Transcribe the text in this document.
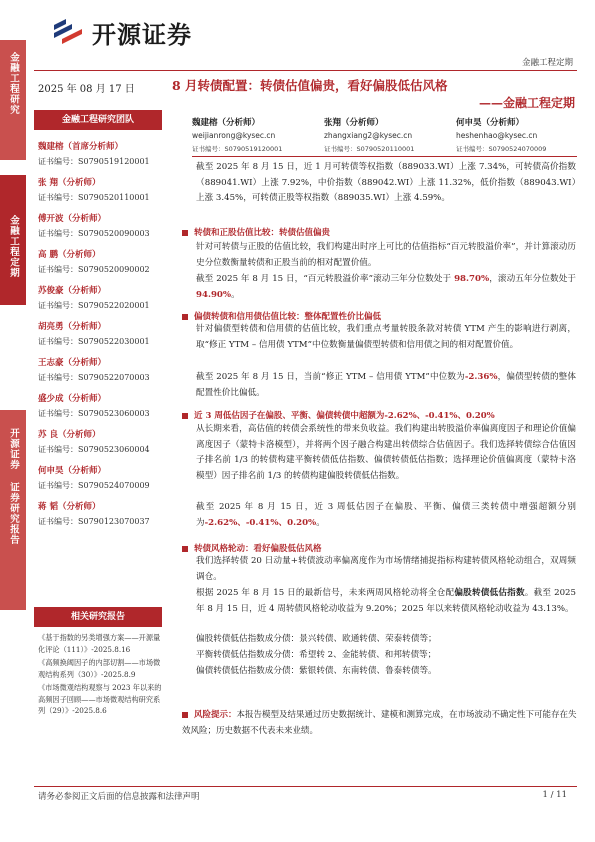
金融工程研究
金融工程定期
开源证券 证券研究报告
开源证券
金融工程定期
2025 年 08 月 17 日	8 月转债配置：转债估值偏贵，看好偏股低估风格
——金融工程定期
金融工程研究团队
魏建榕（首席分析师）
证书编号：S0790519120001
张 翔（分析师）
证书编号：S0790520110001
傅开波（分析师）
证书编号：S0790520090003
高 鹏（分析师）
证书编号：S0790520090002
苏俊豪（分析师）
证书编号：S0790522020001
胡亮勇（分析师）
证书编号：S0790522030001
王志豪（分析师）
证书编号：S0790522070003
盛少成（分析师）
证书编号：S0790523060003
苏 良（分析师）
证书编号：S0790523060004
何申昊（分析师）
证书编号：S0790524070009
蒋 韬（分析师）
证书编号：S0790123070037
魏建榕（分析师）
weijianrong@kysec.cn
证书编号：S0790519120001
张翔（分析师）
zhangxiang2@kysec.cn
证书编号：S0790520110001
何申昊（分析师）
heshenhao@kysec.cn
证书编号：S0790524070009
截至 2025 年 8 月 15 日，近 1 月可转债等权指数（889033.WI）上涨 7.34%，可转债高价指数（889041.WI）上涨 7.92%，中价指数（889042.WI）上涨 11.32%，低价指数（889043.WI）上涨 3.45%，可转债正股等权指数（889035.WI）上涨 4.59%。
转债和正股估值比较：转债估值偏贵
针对可转债与正股的估值比较，我们构建出时序上可比的估值指标“百元转股溢价率”，并计算滚动历史分位数衡量转债和正股当前的相对配置价值。
截至 2025 年 8 月 15 日，“百元转股溢价率”滚动三年分位数处于 98.70%，滚动五年分位数处于 94.90%。
偏债转债和信用债估值比较：整体配置性价比偏低
针对偏债型转债和信用债的估值比较，我们重点考量转股条款对转债 YTM 产生的影响进行剥离，取“修正 YTM – 信用债 YTM”中位数衡量偏债型转债和信用债之间的相对配置价值。
截至 2025 年 8 月 15 日，当前“修正 YTM – 信用债 YTM”中位数为-2.36%，偏债型转债的整体配置性价比偏低。
近 3 周低估因子在偏股、平衡、偏债转债中超额为-2.62%、-0.41%、0.20%
从长期来看，高估值的转债会系统性的带来负收益。我们构建出转股溢价率偏离度因子和理论价值偏离度因子（蒙特卡洛模型），并将两个因子融合构建出转债综合估值因子。我们选择转债综合估值因子排名前 1/3 的转债构建平衡转债低估指数、偏债转债低估指数；选择理论价值偏离度（蒙特卡洛模型）因子排名前 1/3 的转债构建偏股转债低估指数。
截至 2025 年 8 月 15 日，近 3 周低估因子在偏股、平衡、偏债三类转债中增强超额分别为-2.62%、-0.41%、0.20%。
转债风格轮动：看好偏股低估风格
我们选择转债 20 日动量+转债波动率偏离度作为市场情绪捕捉指标构建转债风格轮动组合，双周频调仓。
根据 2025 年 8 月 15 日的最新信号，未来两周风格轮动将全仓配偏股转债低估指数。截至 2025 年 8 月 15 日，近 4 周转债风格轮动收益为 9.20%；2025 年以来转债风格轮动收益为 43.13%。
偏股转债低估指数成分债：景兴转债、欧通转债、荣泰转债等；
平衡转债低估指数成分债：希望转 2、金能转债、和邦转债等；
偏债转债低估指数成分债：紫银转债、东南转债、鲁泰转债等。
风险提示：本报告模型及结果通过历史数据统计、建模和测算完成，在市场波动不确定性下可能存在失效风险；历史数据不代表未来业绩。
相关研究报告
《基于指数的另类增强方案——开源量化评论（111）》-2025.8.16
《高频换阈因子的内部切割——市场微观结构系列（30）》-2025.8.9
《市场微观结构观察与 2023 年以来的高频因子回顾——市场微观结构研究系列（29）》-2025.8.6
请务必参阅正文后面的信息披露和法律声明	1 / 11
